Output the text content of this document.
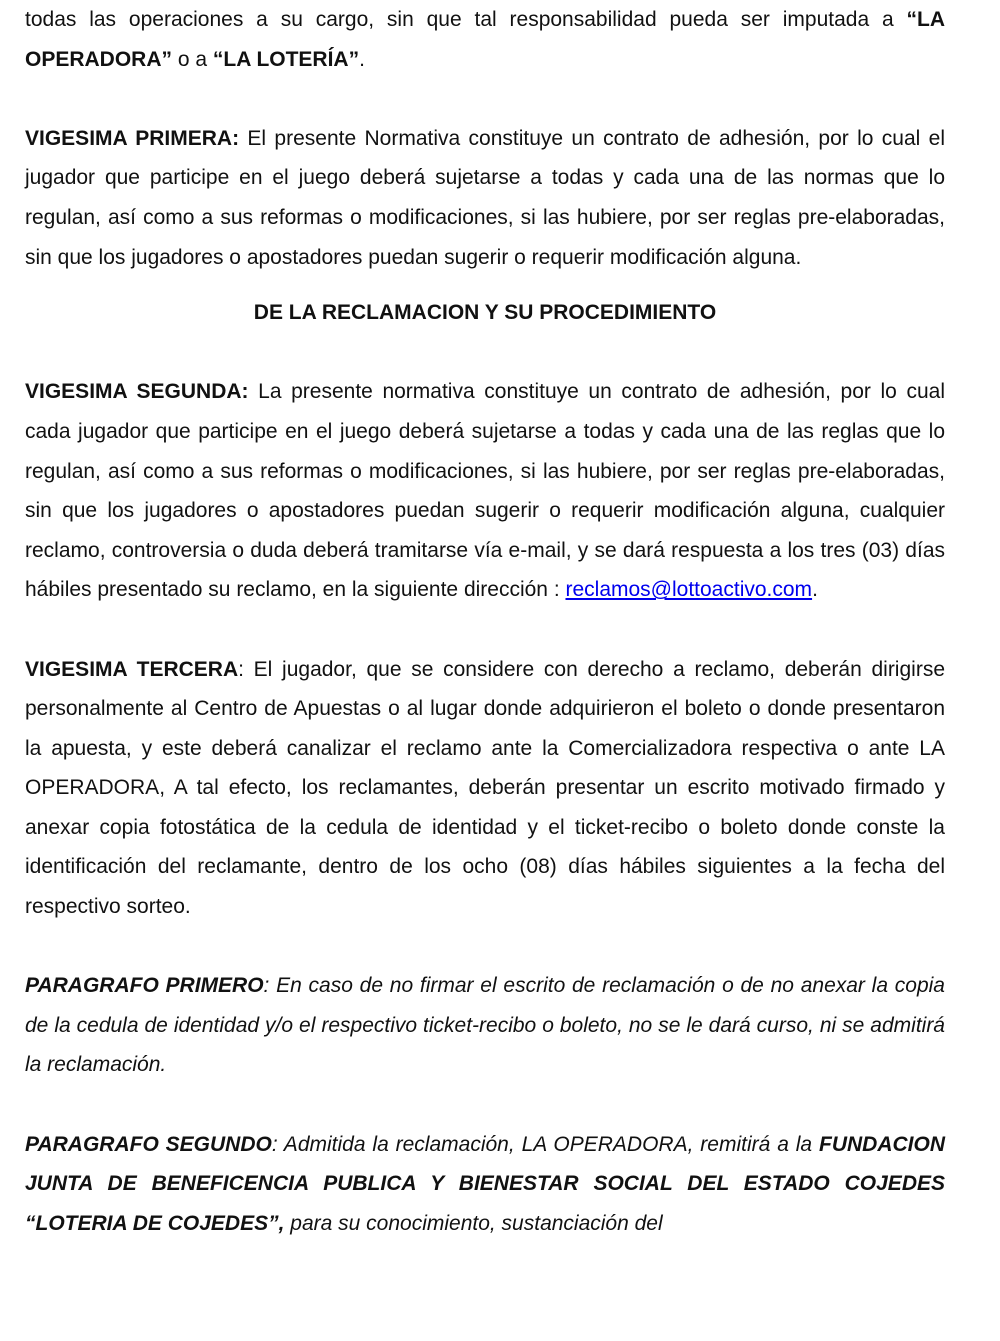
todas las operaciones a su cargo, sin que tal responsabilidad pueda ser imputada a “LA OPERADORA” o a “LA LOTERÍA”.

VIGESIMA PRIMERA: El presente Normativa constituye un contrato de adhesión, por lo cual el jugador que participe en el juego deberá sujetarse a todas y cada una de las normas que lo regulan, así como a sus reformas o modificaciones, si las hubiere, por ser reglas pre-elaboradas, sin que los jugadores o apostadores puedan sugerir o requerir modificación alguna.

DE LA RECLAMACION Y SU PROCEDIMIENTO

VIGESIMA SEGUNDA: La presente normativa constituye un contrato de adhesión, por lo cual cada jugador que participe en el juego deberá sujetarse a todas y cada una de las reglas que lo regulan, así como a sus reformas o modificaciones, si las hubiere, por ser reglas pre-elaboradas, sin que los jugadores o apostadores puedan sugerir o requerir modificación alguna, cualquier reclamo, controversia o duda deberá tramitarse vía e-mail, y se dará respuesta a los tres (03) días hábiles presentado su reclamo, en la siguiente dirección : reclamos@lottoactivo.com.

VIGESIMA TERCERA: El jugador, que se considere con derecho a reclamo, deberán dirigirse personalmente al Centro de Apuestas o al lugar donde adquirieron el boleto o donde presentaron la apuesta, y este deberá canalizar el reclamo ante la Comercializadora respectiva o ante LA OPERADORA, A tal efecto, los reclamantes, deberán presentar un escrito motivado firmado y anexar copia fotostática de la cedula de identidad y el ticket-recibo o boleto donde conste la identificación del reclamante, dentro de los ocho (08) días hábiles siguientes a la fecha del respectivo sorteo.

PARAGRAFO PRIMERO: En caso de no firmar el escrito de reclamación o de no anexar la copia de la cedula de identidad y/o el respectivo ticket-recibo o boleto, no se le dará curso, ni se admitirá la reclamación.

PARAGRAFO SEGUNDO: Admitida la reclamación, LA OPERADORA, remitirá a la FUNDACION JUNTA DE BENEFICENCIA PUBLICA Y BIENESTAR SOCIAL DEL ESTADO COJEDES “LOTERIA DE COJEDES”, para su conocimiento, sustanciación del
